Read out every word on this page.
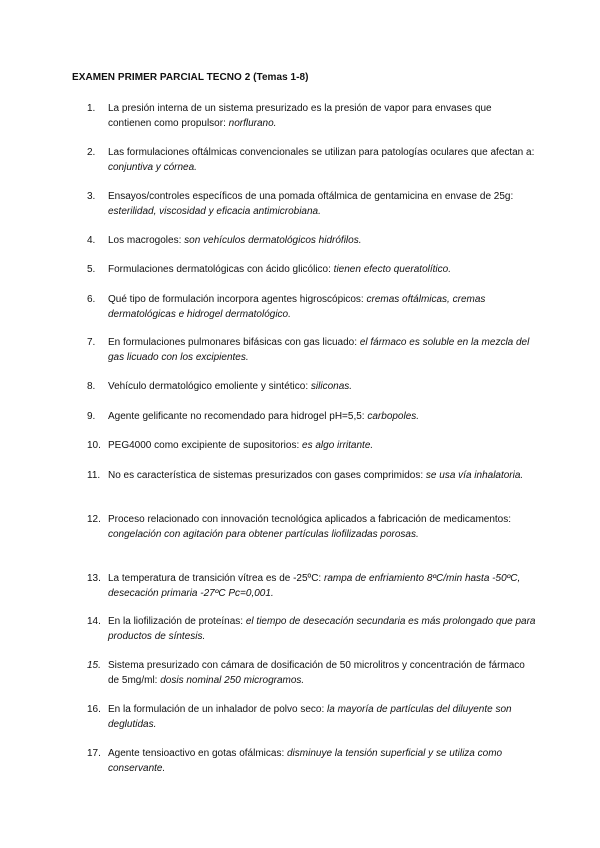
EXAMEN PRIMER PARCIAL TECNO 2 (Temas 1-8)
1.	La presión interna de un sistema presurizado es la presión de vapor para envases que contienen como propulsor: norflurano.
2.	Las formulaciones oftálmicas convencionales se utilizan para patologías oculares que afectan a: conjuntiva y córnea.
3.	Ensayos/controles específicos de una pomada oftálmica de gentamicina en envase de 25g: esterilidad, viscosidad y eficacia antimicrobiana.
4.	Los macrogoles: son vehículos dermatológicos hidrófilos.
5.	Formulaciones dermatológicas con ácido glicólico: tienen efecto queratolítico.
6.	Qué tipo de formulación incorpora agentes higroscópicos: cremas oftálmicas, cremas dermatológicas e hidrogel dermatológico.
7.	En formulaciones pulmonares bifásicas con gas licuado: el fármaco es soluble en la mezcla del gas licuado con los excipientes.
8.	Vehículo dermatológico emoliente y sintético: siliconas.
9.	Agente gelificante no recomendado para hidrogel pH=5,5: carbopoles.
10. PEG4000 como excipiente de supositorios: es algo irritante.
11. No es característica de sistemas presurizados con gases comprimidos: se usa vía inhalatoria.
12. Proceso relacionado con innovación tecnológica aplicados a fabricación de medicamentos: congelación con agitación para obtener partículas liofilizadas porosas.
13. La temperatura de transición vítrea es de -25ºC: rampa de enfriamiento 8ºC/min hasta -50ºC, desecación primaria -27ºC Pc=0,001.
14. En la liofilización de proteínas: el tiempo de desecación secundaria es más prolongado que para productos de síntesis.
15. Sistema presurizado con cámara de dosificación de 50 microlitros y concentración de fármaco de 5mg/ml: dosis nominal 250 microgramos.
16. En la formulación de un inhalador de polvo seco: la mayoría de partículas del diluyente son deglutidas.
17. Agente tensioactivo en gotas ofálmicas: disminuye la tensión superficial y se utiliza como conservante.
